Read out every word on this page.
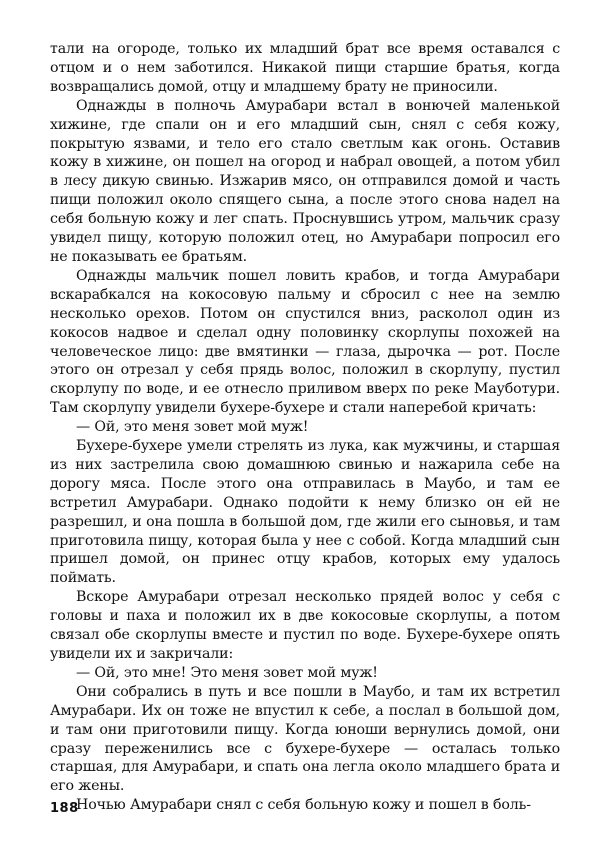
тали на огороде, только их младший брат все время оставался с отцом и о нем заботился. Никакой пищи старшие братья, когда возвращались домой, отцу и младшему брату не приносили.

Однажды в полночь Амурабари встал в вонючей маленькой хижине, где спали он и его младший сын, снял с себя кожу, покрытую язвами, и тело его стало светлым как огонь. Оставив кожу в хижине, он пошел на огород и набрал овощей, а потом убил в лесу дикую свинью. Изжарив мясо, он отправился домой и часть пищи положил около спящего сына, а после этого снова надел на себя больную кожу и лег спать. Проснувшись утром, мальчик сразу увидел пищу, которую положил отец, но Амурабари попросил его не показывать ее братьям.

Однажды мальчик пошел ловить крабов, и тогда Амурабари вскарабкался на кокосовую пальму и сбросил с нее на землю несколько орехов. Потом он спустился вниз, расколол один из кокосов надвое и сделал одну половинку скорлупы похожей на человеческое лицо: две вмятинки — глаза, дырочка — рот. После этого он отрезал у себя прядь волос, положил в скорлупу, пустил скорлупу по воде, и ее отнесло приливом вверх по реке Мауботури. Там скорлупу увидели бухере-бухере и стали наперебой кричать:

— Ой, это меня зовет мой муж!

Бухере-бухере умели стрелять из лука, как мужчины, и старшая из них застрелила свою домашнюю свинью и нажарила себе на дорогу мяса. После этого она отправилась в Маубо, и там ее встретил Амурабари. Однако подойти к нему близко он ей не разрешил, и она пошла в большой дом, где жили его сыновья, и там приготовила пищу, которая была у нее с собой. Когда младший сын пришел домой, он принес отцу крабов, которых ему удалось поймать.

Вскоре Амурабари отрезал несколько прядей волос у себя с головы и паха и положил их в две кокосовые скорлупы, а потом связал обе скорлупы вместе и пустил по воде. Бухере-бухере опять увидели их и закричали:

— Ой, это мне! Это меня зовет мой муж!

Они собрались в путь и все пошли в Маубо, и там их встретил Амурабари. Их он тоже не впустил к себе, а послал в большой дом, и там они приготовили пищу. Когда юноши вернулись домой, они сразу переженились все с бухере-бухере — осталась только старшая, для Амурабари, и спать она легла около младшего брата и его жены.

Ночью Амурабари снял с себя больную кожу и пошел в боль-

188
